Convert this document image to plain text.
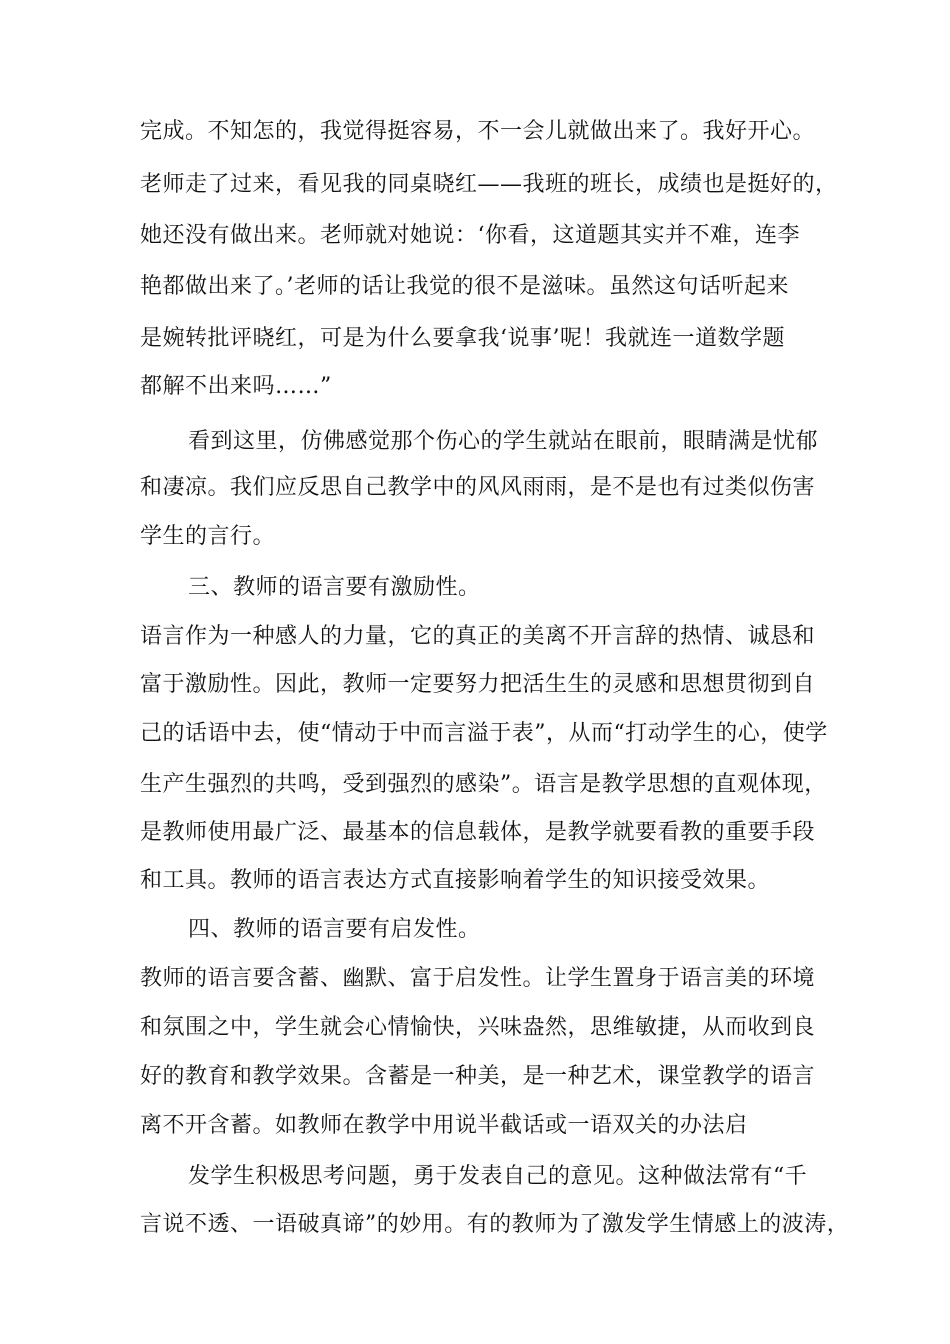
完成。不知怎的，我觉得挺容易，不一会儿就做出来了。我好开心。
老师走了过来，看见我的同桌晓红——我班的班长，成绩也是挺好的，
她还没有做出来。老师就对她说：‘你看，这道题其实并不难，连李
艳都做出来了。’老师的话让我觉的很不是滋味。虽然这句话听起来
是婉转批评晓红，可是为什么要拿我‘说事’呢！我就连一道数学题
都解不出来吗……”
看到这里，仿佛感觉那个伤心的学生就站在眼前，眼睛满是忧郁
和凄凉。我们应反思自己教学中的风风雨雨，是不是也有过类似伤害
学生的言行。
三、教师的语言要有激励性。
语言作为一种感人的力量，它的真正的美离不开言辞的热情、诚恳和
富于激励性。因此，教师一定要努力把活生生的灵感和思想贯彻到自
己的话语中去，使“情动于中而言溢于表”，从而“打动学生的心，使学
生产生强烈的共鸣，受到强烈的感染”。语言是教学思想的直观体现，
是教师使用最广泛、最基本的信息载体，是教学就要看教的重要手段
和工具。教师的语言表达方式直接影响着学生的知识接受效果。
四、教师的语言要有启发性。
教师的语言要含蓄、幽默、富于启发性。让学生置身于语言美的环境
和氛围之中，学生就会心情愉快，兴味盎然，思维敏捷，从而收到良
好的教育和教学效果。含蓄是一种美，是一种艺术，课堂教学的语言
离不开含蓄。如教师在教学中用说半截话或一语双关的办法启
发学生积极思考问题，勇于发表自己的意见。这种做法常有“千
言说不透、一语破真谛”的妙用。有的教师为了激发学生情感上的波涛，
